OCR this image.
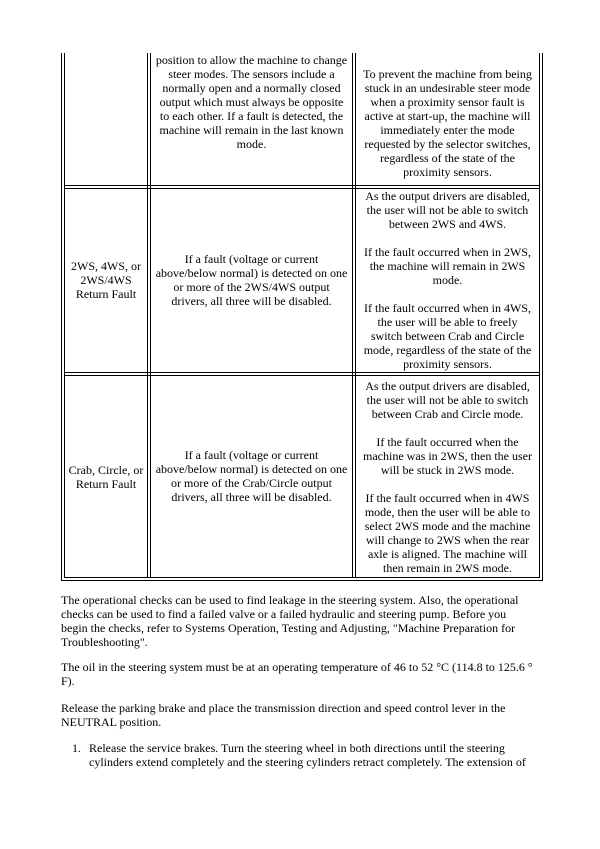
position to allow the machine to change
steer modes. The sensors include a
normally open and a normally closed
output which must always be opposite
to each other. If a fault is detected, the
machine will remain in the last known
mode.
To prevent the machine from being
stuck in an undesirable steer mode
when a proximity sensor fault is
active at start-up, the machine will
immediately enter the mode
requested by the selector switches,
regardless of the state of the
proximity sensors.
2WS, 4WS, or
2WS/4WS
Return Fault
If a fault (voltage or current
above/below normal) is detected on one
or more of the 2WS/4WS output
drivers, all three will be disabled.

As the output drivers are disabled,
the user will not be able to switch
between 2WS and 4WS.

If the fault occurred when in 2WS,
the machine will remain in 2WS
mode.

If the fault occurred when in 4WS,
the user will be able to freely
switch between Crab and Circle
mode, regardless of the state of the
proximity sensors.

Crab, Circle, or
Return Fault
If a fault (voltage or current
above/below normal) is detected on one
or more of the Crab/Circle output
drivers, all three will be disabled.

As the output drivers are disabled,
the user will not be able to switch
between Crab and Circle mode.

If the fault occurred when the
machine was in 2WS, then the user
will be stuck in 2WS mode.

If the fault occurred when in 4WS
mode, then the user will be able to
select 2WS mode and the machine
will change to 2WS when the rear
axle is aligned. The machine will
then remain in 2WS mode.

The operational checks can be used to find leakage in the steering system. Also, the operational
checks can be used to find a failed valve or a failed hydraulic and steering pump. Before you
begin the checks, refer to Systems Operation, Testing and Adjusting, "Machine Preparation for
Troubleshooting".
The oil in the steering system must be at an operating temperature of 46 to 52 °C (114.8 to 125.6 °
F).
Release the parking brake and place the transmission direction and speed control lever in the
NEUTRAL position.
1. Release the service brakes. Turn the steering wheel in both directions until the steering
cylinders extend completely and the steering cylinders retract completely. The extension of
